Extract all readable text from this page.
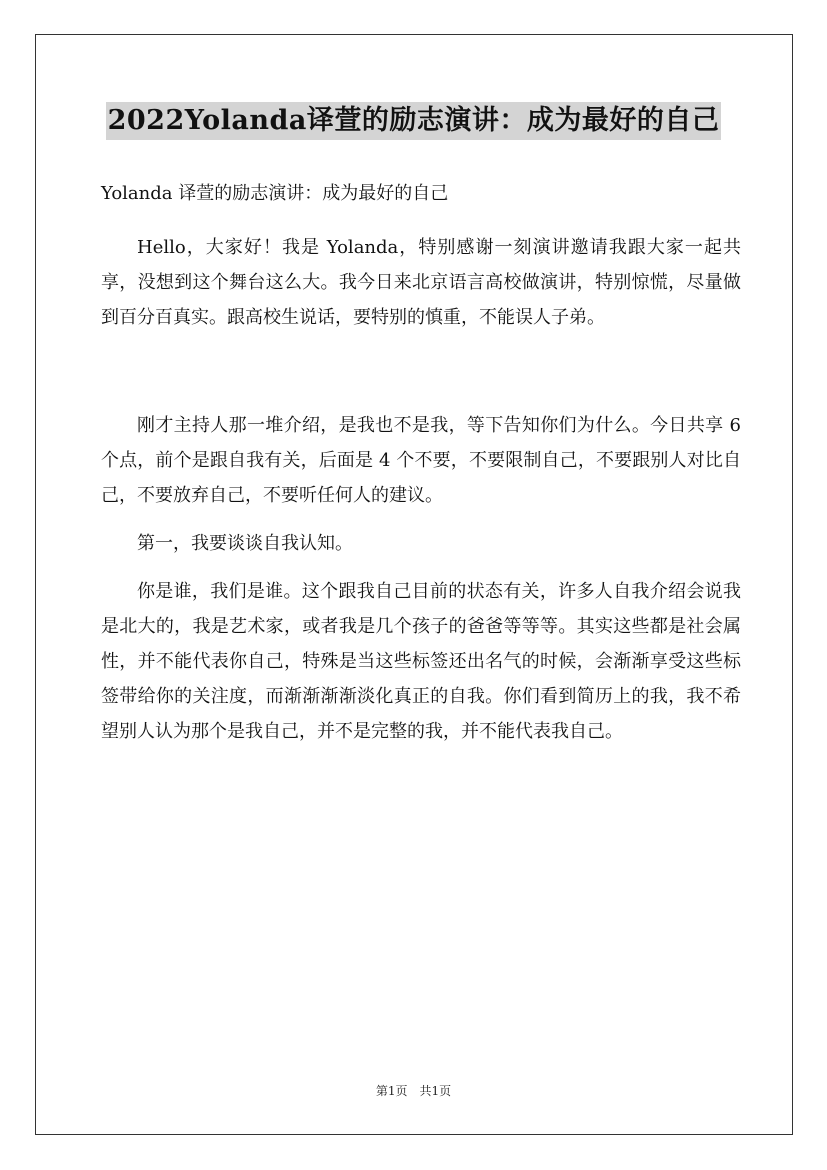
2022Yolanda译萱的励志演讲：成为最好的自己

Yolanda 译萱的励志演讲：成为最好的自己

Hello，大家好！我是 Yolanda，特别感谢一刻演讲邀请我跟大家一起共享，没想到这个舞台这么大。我今日来北京语言高校做演讲，特别惊慌，尽量做到百分百真实。跟高校生说话，要特别的慎重，不能误人子弟。

刚才主持人那一堆介绍，是我也不是我，等下告知你们为什么。今日共享 6 个点，前个是跟自我有关，后面是 4 个不要，不要限制自己，不要跟别人对比自己，不要放弃自己，不要听任何人的建议。

第一，我要谈谈自我认知。

你是谁，我们是谁。这个跟我自己目前的状态有关，许多人自我介绍会说我是北大的，我是艺术家，或者我是几个孩子的爸爸等等等。其实这些都是社会属性，并不能代表你自己，特殊是当这些标签还出名气的时候，会渐渐享受这些标签带给你的关注度，而渐渐渐渐淡化真正的自我。你们看到简历上的我，我不希望别人认为那个是我自己，并不是完整的我，并不能代表我自己。

第1页　共1页
